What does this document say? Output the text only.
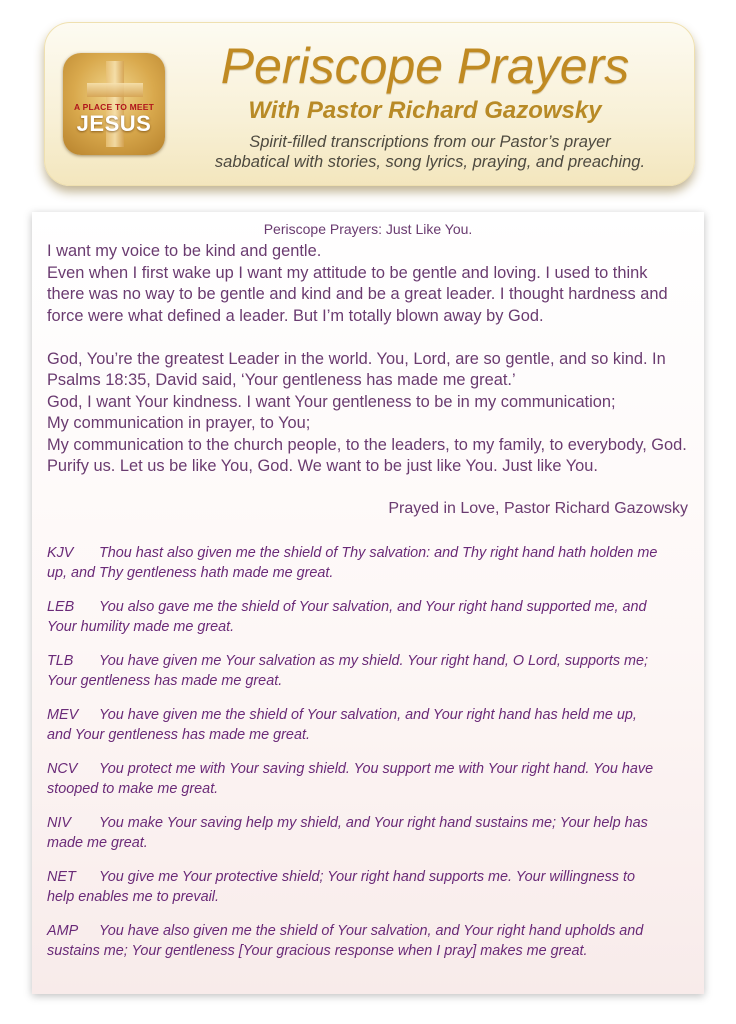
A PLACE TO MEET
JESUS
Periscope Prayers
With Pastor Richard Gazowsky
Spirit-filled transcriptions from our Pastor’s prayer
sabbatical with stories, song lyrics, praying, and preaching.
Periscope Prayers: Just Like You.

I want my voice to be kind and gentle.
Even when I first wake up I want my attitude to be gentle and loving. I used to think
there was no way to be gentle and kind and be a great leader. I thought hardness and
force were what defined a leader. But I’m totally blown away by God.

God, You’re the greatest Leader in the world. You, Lord, are so gentle, and so kind. In
Psalms 18:35, David said, ‘Your gentleness has made me great.’
God, I want Your kindness. I want Your gentleness to be in my communication;
My communication in prayer, to You;
My communication to the church people, to the leaders, to my family, to everybody, God.
Purify us. Let us be like You, God. We want to be just like You. Just like You.

Prayed in Love, Pastor Richard Gazowsky
KJV Thou hast also given me the shield of Thy salvation: and Thy right hand hath holden me
up, and Thy gentleness hath made me great.
LEB You also gave me the shield of Your salvation, and Your right hand supported me, and
Your humility made me great.
TLB You have given me Your salvation as my shield. Your right hand, O Lord, supports me;
Your gentleness has made me great.
MEV You have given me the shield of Your salvation, and Your right hand has held me up,
and Your gentleness has made me great.
NCV You protect me with Your saving shield. You support me with Your right hand. You have
stooped to make me great.
NIV You make Your saving help my shield, and Your right hand sustains me; Your help has
made me great.
NET You give me Your protective shield; Your right hand supports me. Your willingness to
help enables me to prevail.
AMP You have also given me the shield of Your salvation, and Your right hand upholds and
sustains me; Your gentleness [Your gracious response when I pray] makes me great.
